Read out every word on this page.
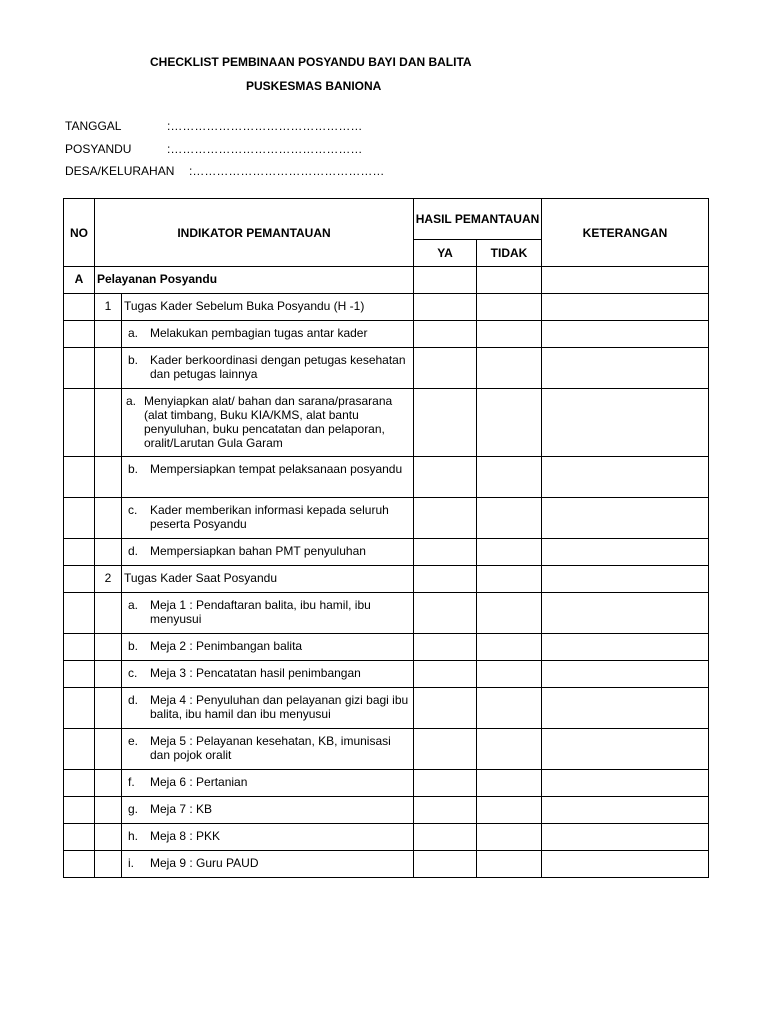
CHECKLIST PEMBINAAN POSYANDU BAYI DAN BALITA
PUSKESMAS BANIONA
TANGGAL	:…………………………………………
POSYANDU	:…………………………………………
DESA/KELURAHAN :…………………………………………
NO	INDIKATOR PEMANTAUAN		HASIL PEMANTAUAN		KETERANGAN
			YA	TIDAK	

A	Pelayanan Posyandu				

	1	Tugas Kader Sebelum Buka Posyandu (H -1)			

		a. Melakukan pembagian tugas antar kader			

		b. Kader berkoordinasi dengan petugas kesehatan dan petugas lainnya			

		a. Menyiapkan alat/ bahan dan sarana/prasarana (alat timbang, Buku KIA/KMS, alat bantu penyuluhan, buku pencatatan dan pelaporan, oralit/Larutan Gula Garam			

		b. Mempersiapkan tempat pelaksanaan posyandu			

		c. Kader memberikan informasi kepada seluruh peserta Posyandu			

		d. Mempersiapkan bahan PMT penyuluhan			

	2	Tugas Kader Saat Posyandu			

		a. Meja 1 : Pendaftaran balita, ibu hamil, ibu menyusui			

		b. Meja 2 : Penimbangan balita			

		c. Meja 3 : Pencatatan hasil penimbangan			

		d. Meja 4 : Penyuluhan dan pelayanan gizi bagi ibu balita, ibu hamil dan ibu menyusui			

		e. Meja 5 : Pelayanan kesehatan, KB, imunisasi dan pojok oralit			

		f. Meja 6 : Pertanian			

		g. Meja 7 : KB			

		h. Meja 8 : PKK			

		i. Meja 9 : Guru PAUD			
